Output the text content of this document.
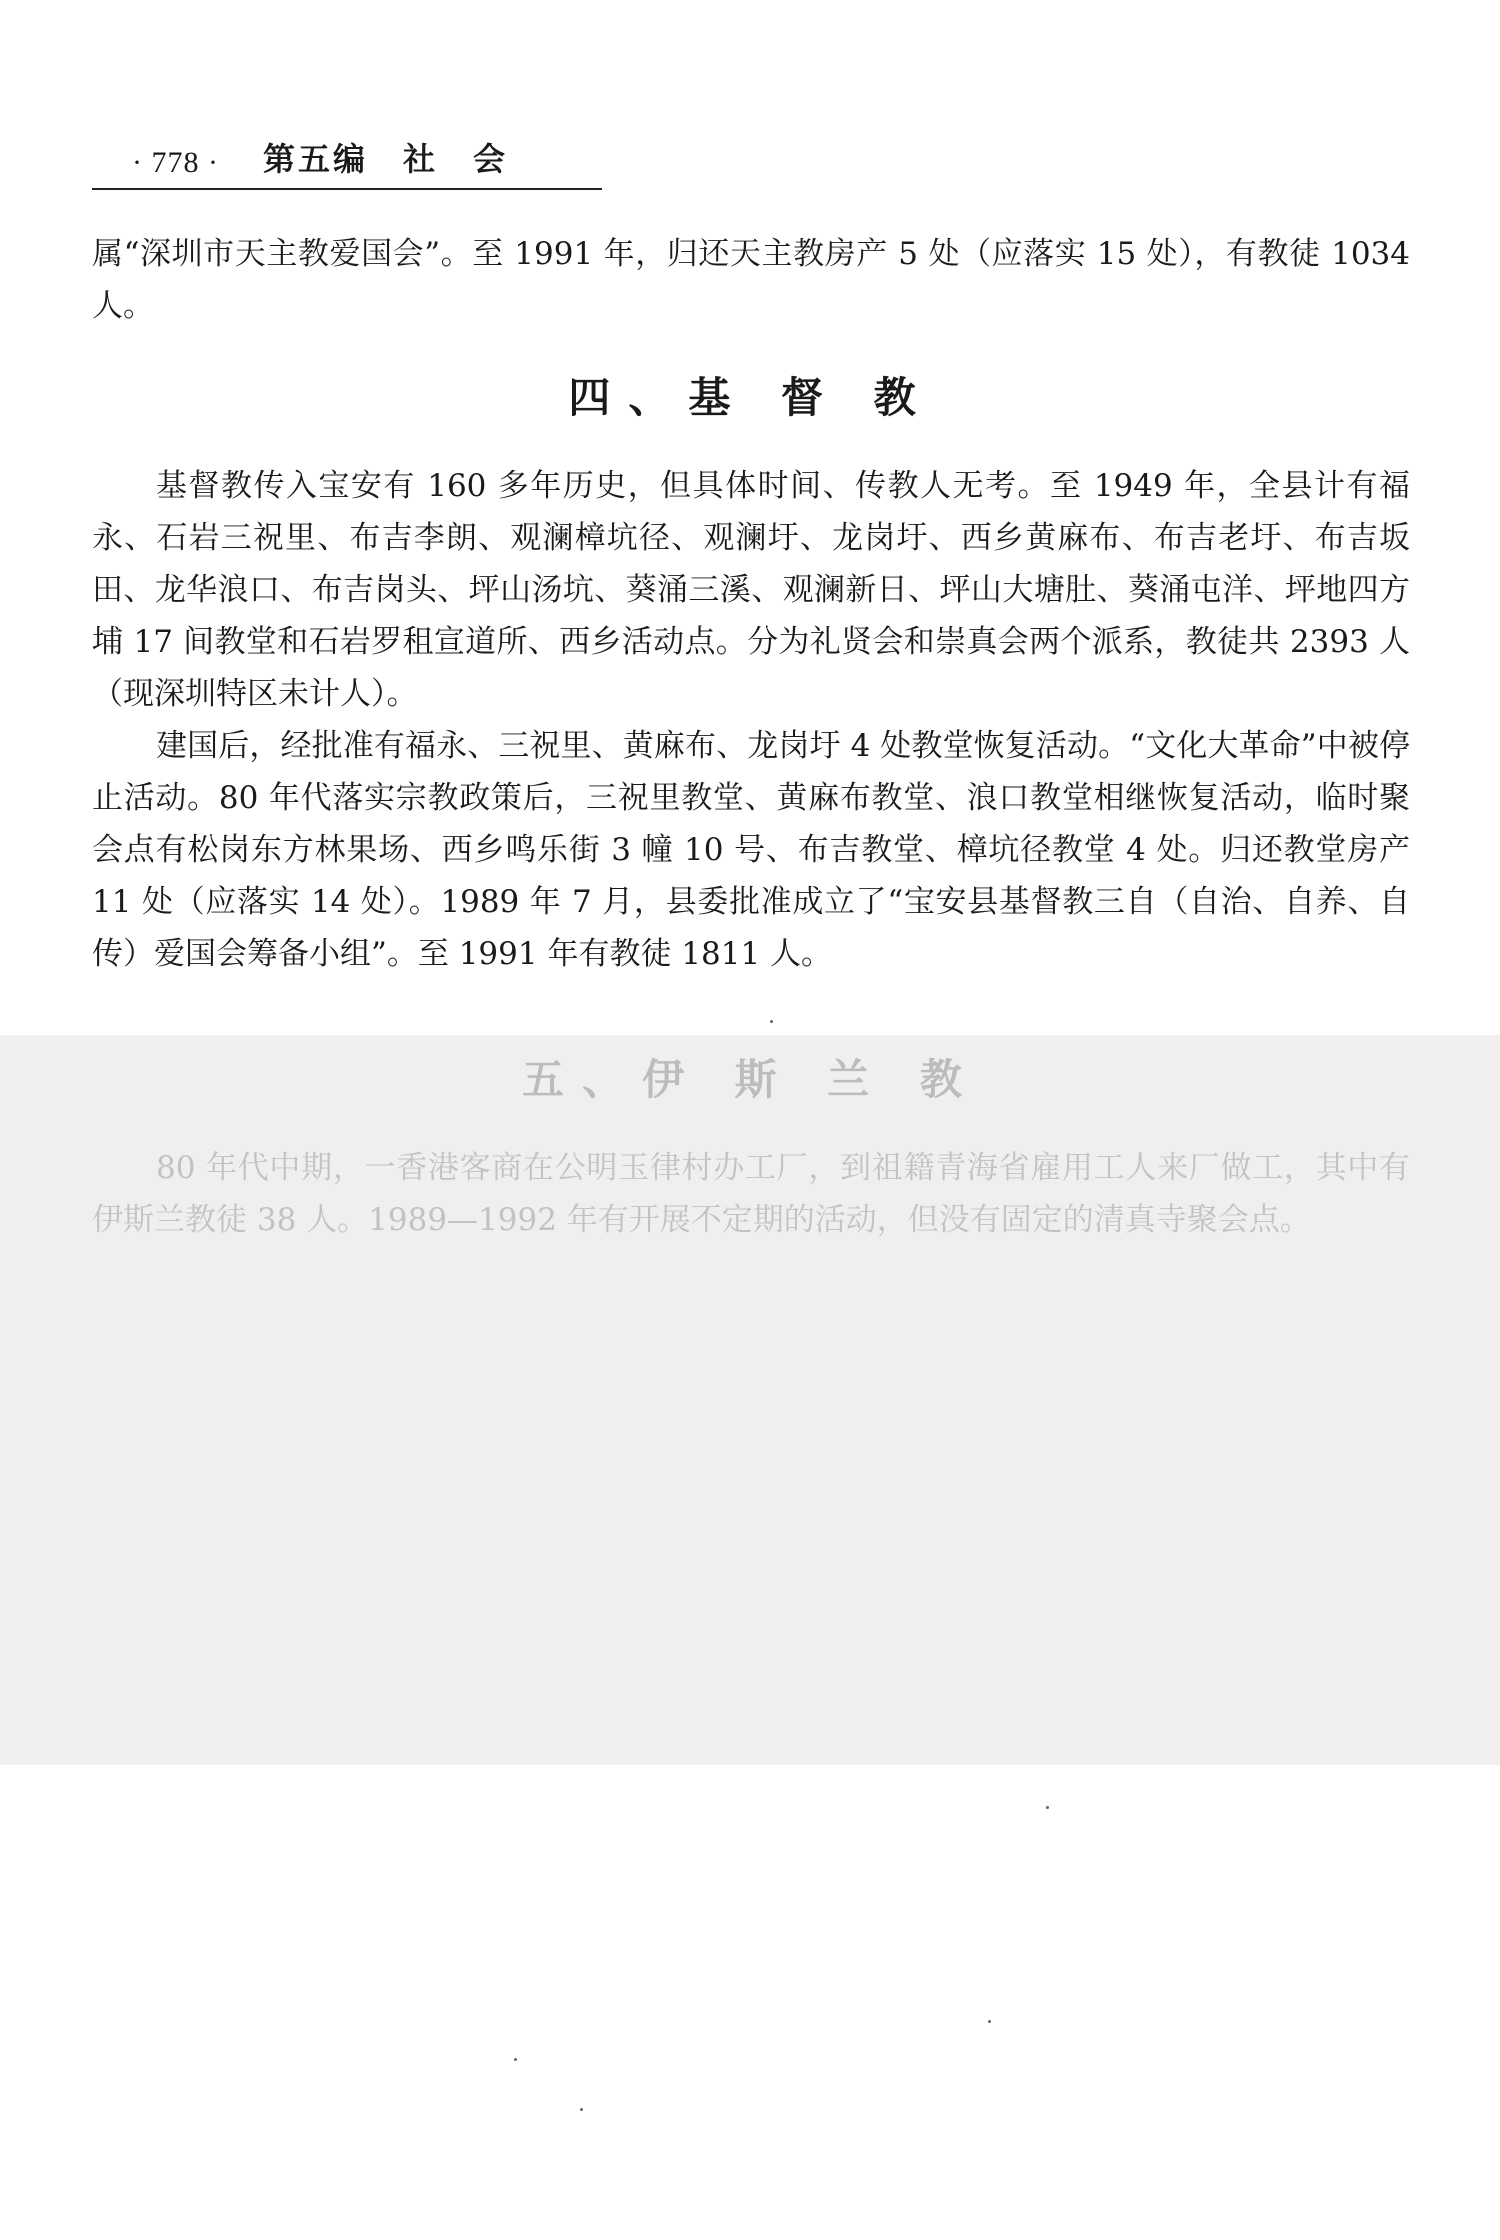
· 778 · 第五编　社　会

属“深圳市天主教爱国会”。至 1991 年，归还天主教房产 5 处（应落实 15 处），有教徒 1034 人。

四、基 督 教

基督教传入宝安有 160 多年历史，但具体时间、传教人无考。至 1949 年，全县计有福永、石岩三祝里、布吉李朗、观澜樟坑径、观澜圩、龙岗圩、西乡黄麻布、布吉老圩、布吉坂田、龙华浪口、布吉岗头、坪山汤坑、葵涌三溪、观澜新日、坪山大塘肚、葵涌屯洋、坪地四方埔 17 间教堂和石岩罗租宣道所、西乡活动点。分为礼贤会和崇真会两个派系，教徒共 2393 人（现深圳特区未计人）。

建国后，经批准有福永、三祝里、黄麻布、龙岗圩 4 处教堂恢复活动。“文化大革命”中被停止活动。80 年代落实宗教政策后，三祝里教堂、黄麻布教堂、浪口教堂相继恢复活动，临时聚会点有松岗东方林果场、西乡鸣乐街 3 幢 10 号、布吉教堂、樟坑径教堂 4 处。归还教堂房产 11 处（应落实 14 处）。1989 年 7 月，县委批准成立了“宝安县基督教三自（自治、自养、自传）爱国会筹备小组”。至 1991 年有教徒 1811 人。

五、伊 斯 兰 教

80 年代中期，一香港客商在公明玉律村办工厂，到祖籍青海省雇用工人来厂做工，其中有伊斯兰教徒 38 人。1989—1992 年有开展不定期的活动，但没有固定的清真寺聚会点。
